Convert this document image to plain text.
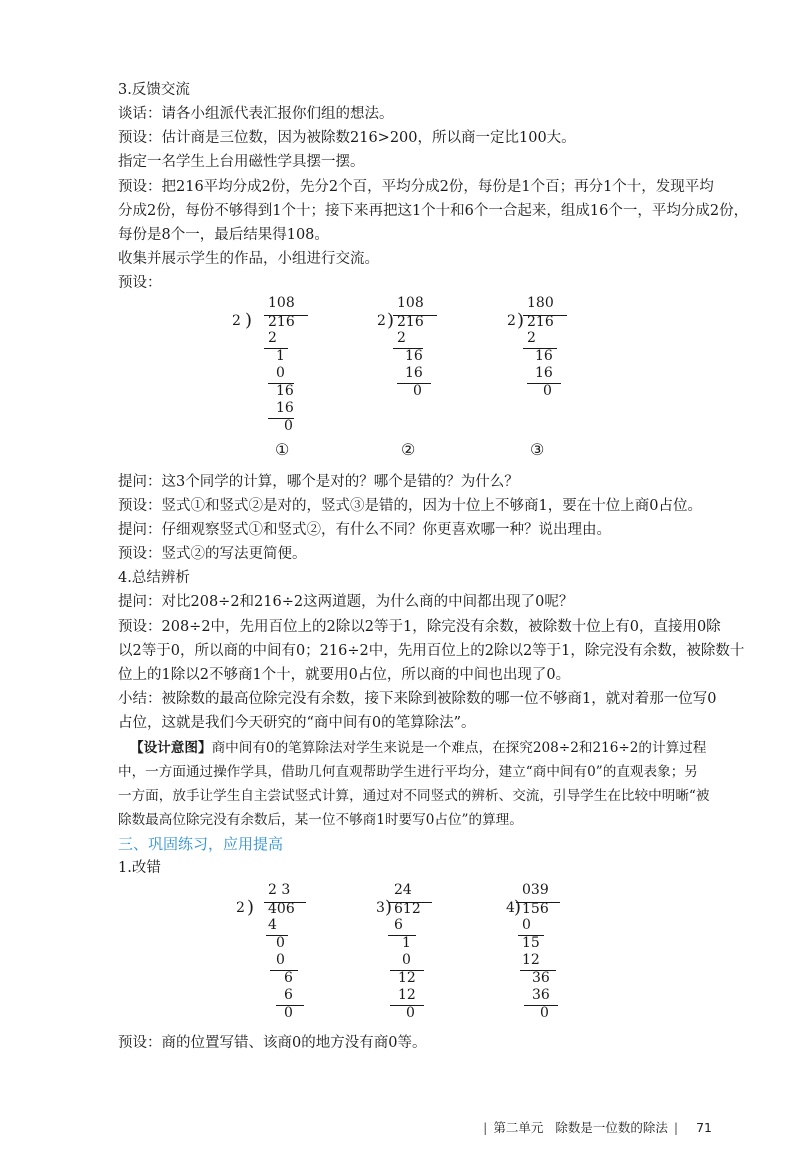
3.反馈交流
谈话：请各小组派代表汇报你们组的想法。
预设：估计商是三位数，因为被除数216>200，所以商一定比100大。
指定一名学生上台用磁性学具摆一摆。
预设：把216平均分成2份，先分2个百，平均分成2份，每份是1个百；再分1个十，发现平均
分成2份，每份不够得到1个十；接下来再把这1个十和6个一合起来，组成16个一，平均分成2份，
每份是8个一，最后结果得108。
收集并展示学生的作品，小组进行交流。
预设：
108
2 ) 216
2
1
0
16
16
0
①
108
2 ) 216
2
16
16
0
②
180
2 ) 216
2
16
16
0
③
提问：这3个同学的计算，哪个是对的？哪个是错的？为什么？
预设：竖式①和竖式②是对的，竖式③是错的，因为十位上不够商1，要在十位上商0占位。
提问：仔细观察竖式①和竖式②，有什么不同？你更喜欢哪一种？说出理由。
预设：竖式②的写法更简便。
4.总结辨析
提问：对比208÷2和216÷2这两道题，为什么商的中间都出现了0呢？
预设：208÷2中，先用百位上的2除以2等于1，除完没有余数，被除数十位上有0，直接用0除
以2等于0，所以商的中间有0；216÷2中，先用百位上的2除以2等于1，除完没有余数，被除数十
位上的1除以2不够商1个十，就要用0占位，所以商的中间也出现了0。
小结：被除数的最高位除完没有余数，接下来除到被除数的哪一位不够商1，就对着那一位写0
占位，这就是我们今天研究的“商中间有0的笔算除法”。
【设计意图】商中间有0的笔算除法对学生来说是一个难点，在探究208÷2和216÷2的计算过程
中，一方面通过操作学具，借助几何直观帮助学生进行平均分，建立“商中间有0”的直观表象；另
一方面，放手让学生自主尝试竖式计算，通过对不同竖式的辨析、交流，引导学生在比较中明晰“被
除数最高位除完没有余数后，某一位不够商1时要写0占位”的算理。
三、巩固练习，应用提高
1.改错
2 3
2 ) 406
4
0
0
6
6
0
24
3 ) 612
6
1
0
12
12
0
039
4 ) 156
0
15
12
36
36
0
预设：商的位置写错、该商0的地方没有商0等。
| 第二单元 除数是一位数的除法 | 71
